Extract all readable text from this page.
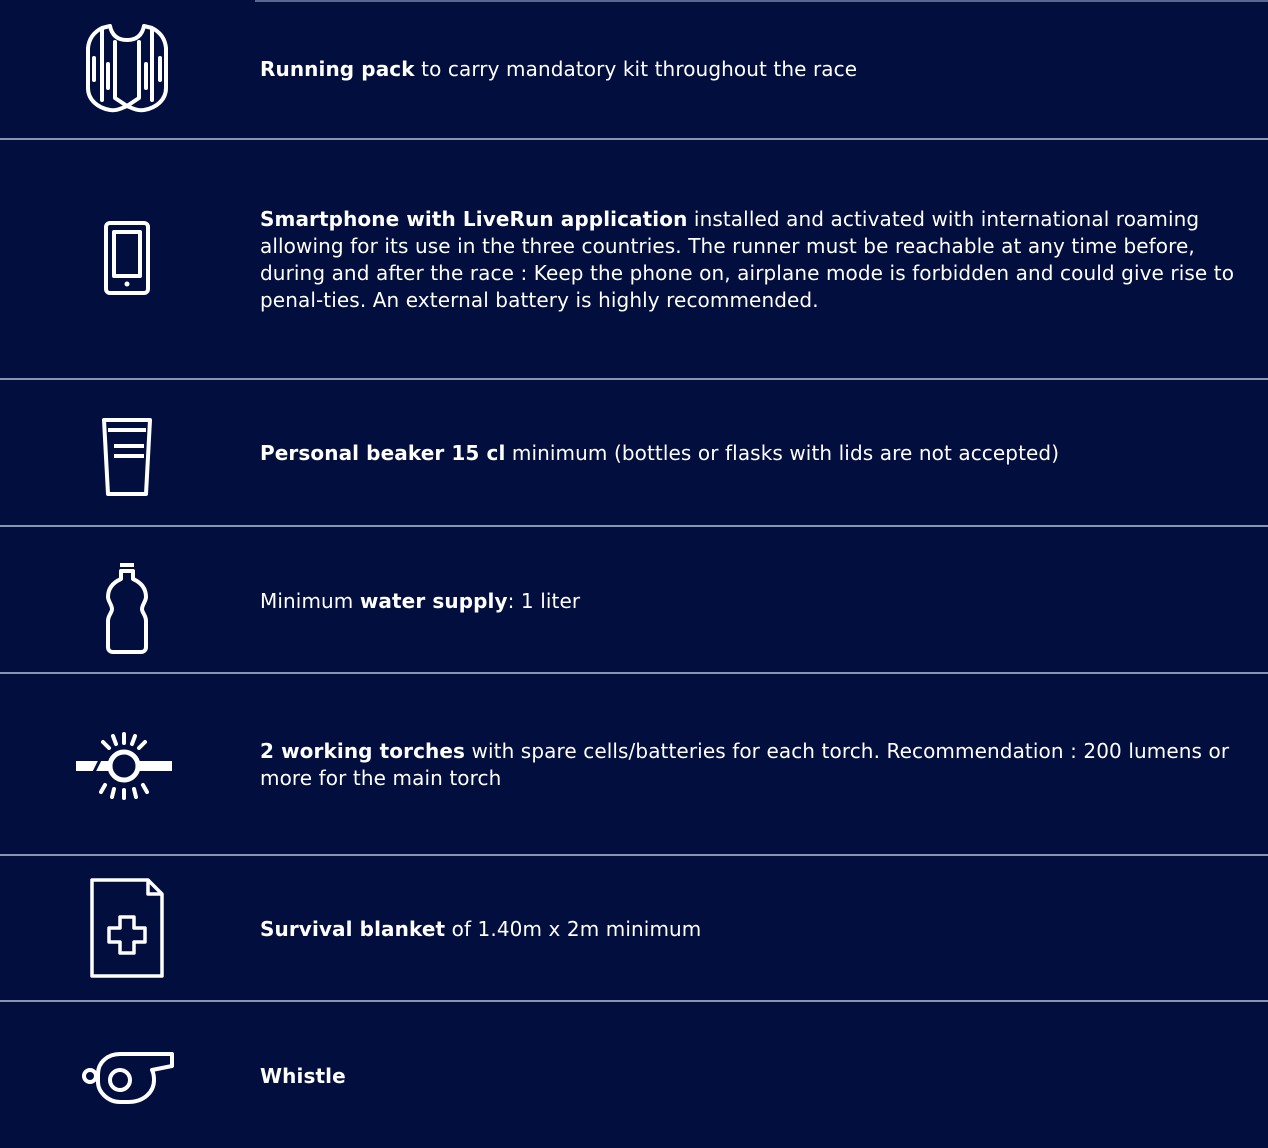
Running pack to carry mandatory kit throughout the race
Smartphone with LiveRun application installed and activated with international roaming allowing for its use in the three countries. The runner must be reachable at any time before, during and after the race : Keep the phone on, airplane mode is forbidden and could give rise to penal-ties. An external battery is highly recommended.
Personal beaker 15 cl minimum (bottles or flasks with lids are not accepted)
Minimum water supply: 1 liter
2 working torches with spare cells/batteries for each torch. Recommendation : 200 lumens or more for the main torch
Survival blanket of 1.40m x 2m minimum
Whistle
